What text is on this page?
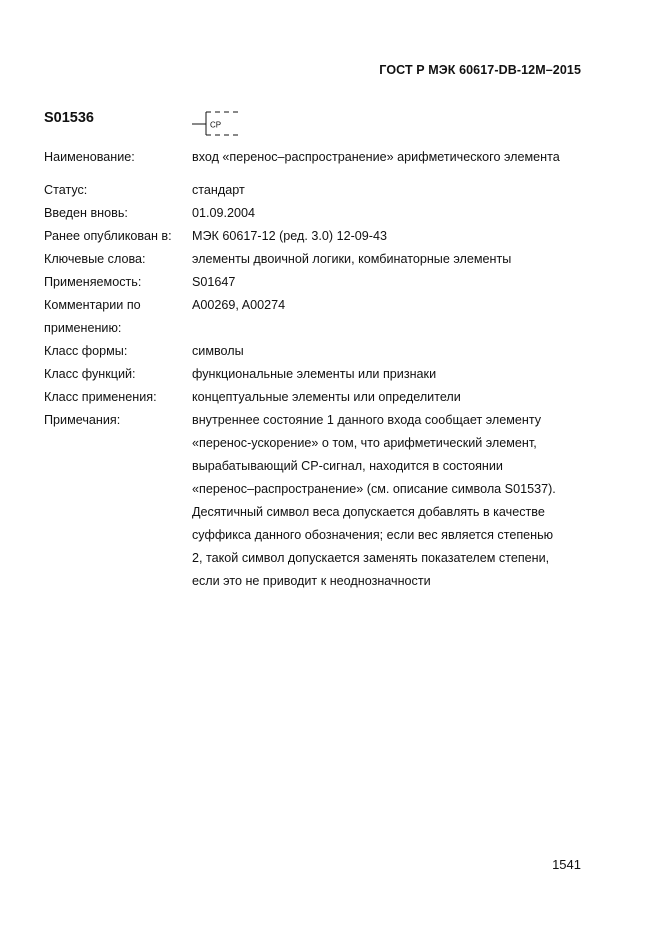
ГОСТ Р МЭК 60617-DB-12M–2015
S01536	CP
Наименование:	вход «перенос–распространение» арифметического элемента
Статус:	стандарт
Введен вновь:	01.09.2004
Ранее опубликован в:	МЭК 60617-12 (ред. 3.0) 12-09-43
Ключевые слова:	элементы двоичной логики, комбинаторные элементы
Применяемость:	S01647
Комментарии по
применению:
A00269, A00274
Класс формы:	символы
Класс функций:	функциональные элементы или признаки
Класс применения:	концептуальные элементы или определители
Примечания:	внутреннее состояние 1 данного входа сообщает элементу
«перенос-ускорение» о том, что арифметический элемент,
вырабатывающий CP-сигнал, находится в состоянии
«перенос–распространение» (см. описание символа S01537).
Десятичный символ веса допускается добавлять в качестве
суффикса данного обозначения; если вес является степенью
2, такой символ допускается заменять показателем степени,
если это не приводит к неоднозначности
1541
